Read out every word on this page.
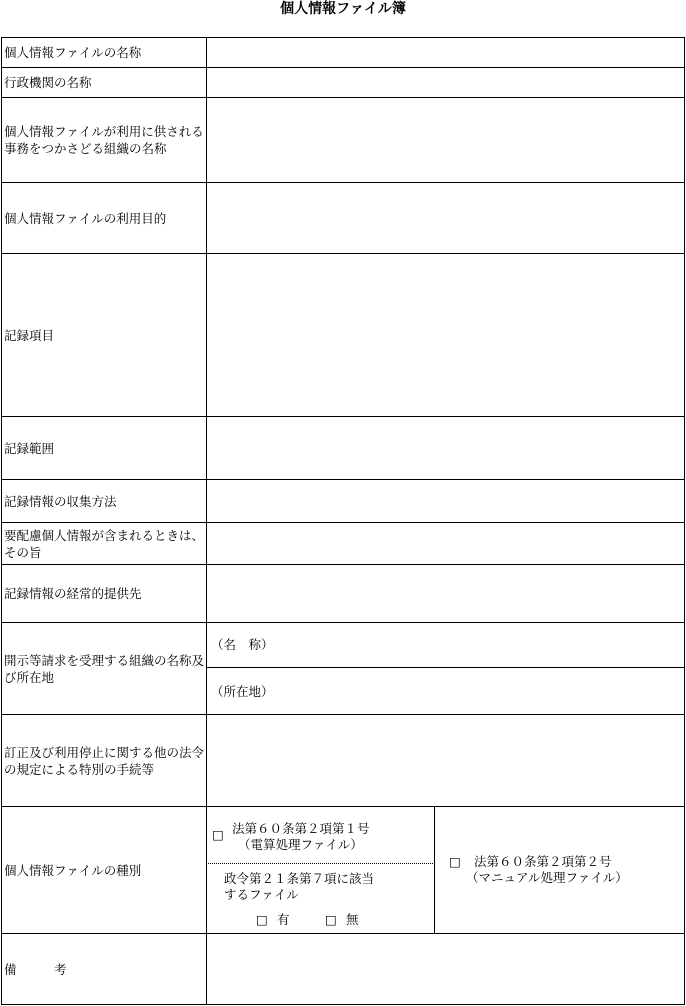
個人情報ファイル簿
個人情報ファイルの名称
行政機関の名称
個人情報ファイルが利用に供される事務をつかさどる組織の名称
個人情報ファイルの利用目的
記録項目
記録範囲
記録情報の収集方法
要配慮個人情報が含まれるときは、その旨
記録情報の経常的提供先
開示等請求を受理する組織の名称及び所在地
訂正及び利用停止に関する他の法令の規定による特別の手続等
個人情報ファイルの種別
備　　　考
（名　称）
（所在地）
□ 法第６０条第２項第１号
（電算処理ファイル）
政令第２１条第７項に該当
するファイル
□ 有	□ 無
□ 法第６０条第２項第２号
（マニュアル処理ファイル）
